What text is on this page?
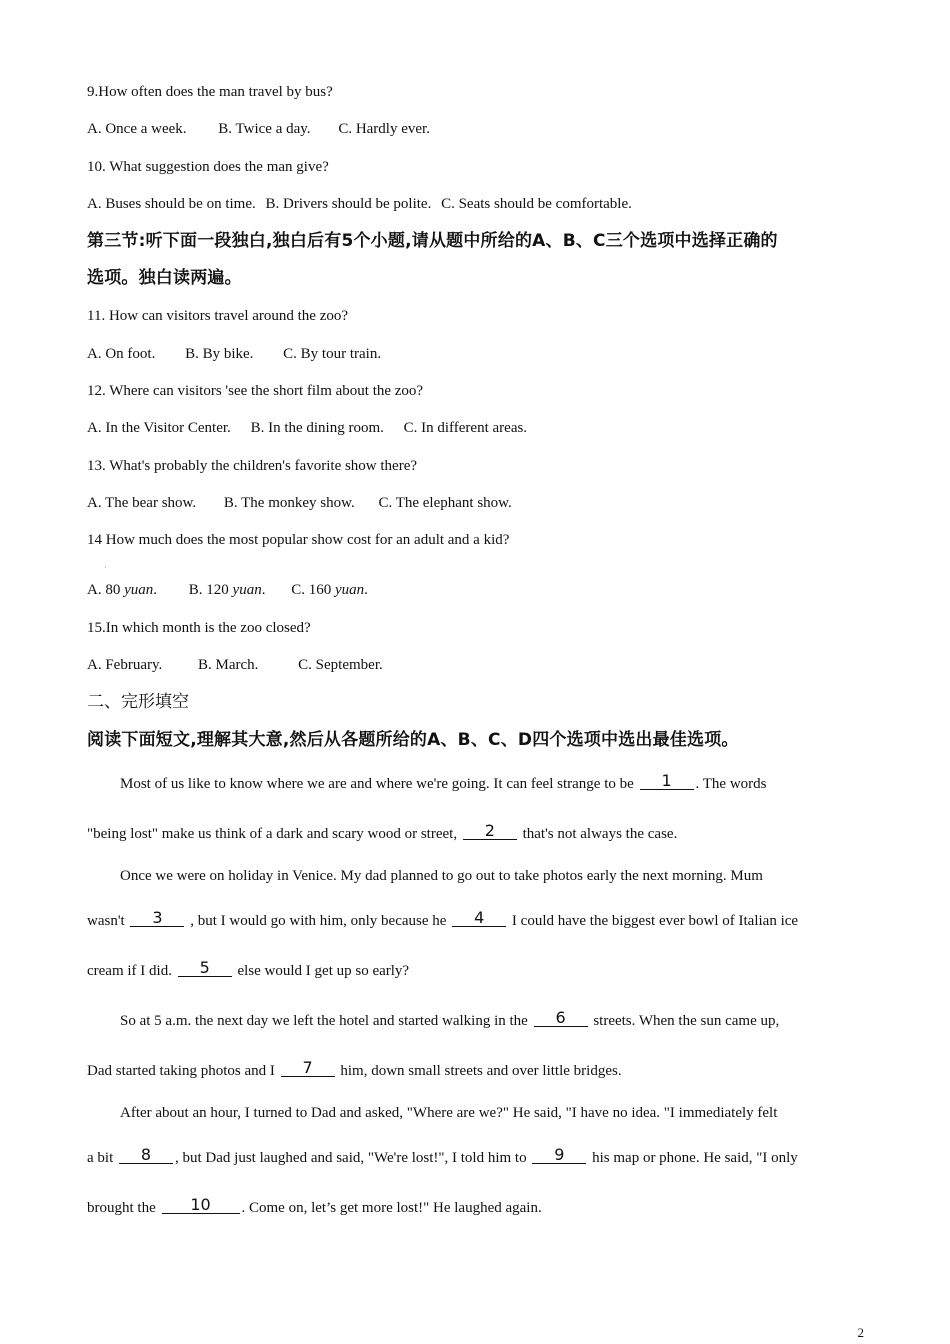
9.How often does the man travel by bus?
A. Once a week. B. Twice a day. C. Hardly ever.
10. What suggestion does the man give?
A. Buses should be on time. B. Drivers should be polite. C. Seats should be comfortable.
第三节:听下面一段独白,独白后有5个小题,请从题中所给的A、B、C三个选项中选择正确的
选项。独白读两遍。
11. How can visitors travel around the zoo?
A. On foot. B. By bike. C. By tour train.
12. Where can visitors 'see the short film about the zoo?
A. In the Visitor Center. B. In the dining room. C. In different areas.
13. What's probably the children's favorite show there?
A. The bear show. B. The monkey show. C. The elephant show.
14 How much does the most popular show cost for an adult and a kid?
·
A. 80 yuan. B. 120 yuan. C. 160 yuan.
15.In which month is the zoo closed?
A. February. B. March.	C. September.
二、完形填空
阅读下面短文,理解其大意,然后从各题所给的A、B、C、D四个选项中选出最佳选项。
Most of us like to know where we are and where we're going. It can feel strange to be 1 . The words
"being lost" make us think of a dark and scary wood or street, 2 that's not always the case.
Once we were on holiday in Venice. My dad planned to go out to take photos early the next morning. Mum
wasn't 3 , but I would go with him, only because he 4 I could have the biggest ever bowl of Italian ice
cream if I did. 5 else would I get up so early?
So at 5 a.m. the next day we left the hotel and started walking in the 6 streets. When the sun came up,
Dad started taking photos and I 7 him, down small streets and over little bridges.
After about an hour, I turned to Dad and asked, "Where are we?" He said, "I have no idea. "I immediately felt
a bit 8 , but Dad just laughed and said, "We're lost!", I told him to 9 his map or phone. He said, "I only
brought the 10 . Come on, let’s get more lost!" He laughed again.
2
